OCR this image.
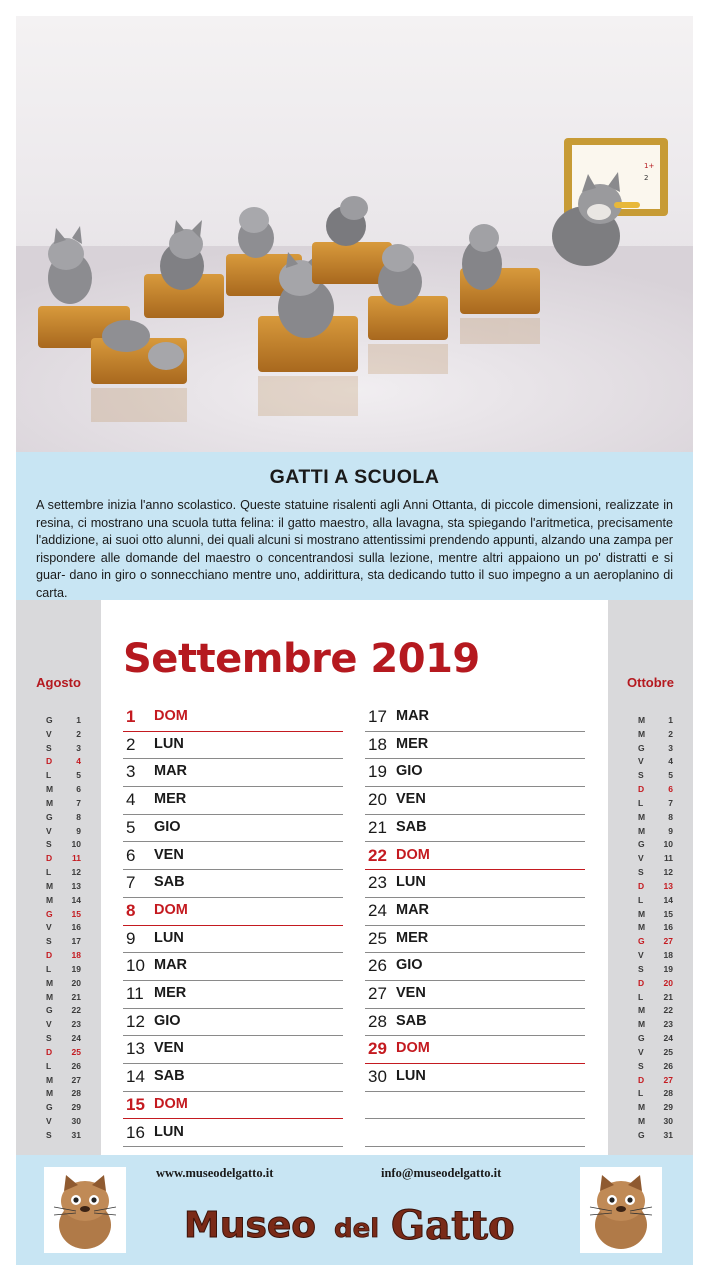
1+
2
GATTI A SCUOLA

A settembre inizia l'anno scolastico. Queste statuine risalenti agli Anni Ottanta, di piccole dimensioni, realizzate in resina, ci mostrano una scuola tutta felina: il gatto maestro, alla lavagna, sta spiegando l'aritmetica, precisamente l'addizione, ai suoi otto alunni, dei quali alcuni si mostrano attentissimi prendendo appunti, alzando una zampa per rispondere alle domande del maestro o concentrandosi sulla lezione, mentre altri appaiono un po' distratti e si guar- dano in giro o sonnecchiano mentre uno, addirittura, sta dedicando tutto il suo impegno a un aeroplanino di carta.

Agosto
G	1
V	2
S	3
D	4
L	5
M	6
M	7
G	8
V	9
S 10
D 11
L 12
M 13
M 14
G 15
V 16
S 17
D 18
L 19
M 20
M 21
G 22
V 23
S 24
D 25
L 26
M 27
M 28
G 29
V 30
S 31
Settembre 2019
1 DOM
2 LUN
3 MAR
4 MER
5 GIO
6 VEN
7 SAB
8 DOM
9 LUN
10 MAR
11 MER
12 GIO
13 VEN
14 SAB
15 DOM
16 LUN
17 MAR
18 MER
19 GIO
20 VEN
21 SAB
22 DOM
23 LUN
24 MAR
25 MER
26 GIO
27 VEN
28 SAB
29 DOM
30 LUN
Ottobre
M	1
M	2
G	3
V	4
S	5
D	6
L	7
M	8
M	9
G 10
V 11
S 12
D 13
L 14
M 15
M 16
G 27
V 18
S 19
D 20
L 21
M 22
M 23
G 24
V 25
S 26
D 27
L 28
M 29
M 30
G 31
www.museodelgatto.it	info@museodelgatto.it
Museo del Gatto
